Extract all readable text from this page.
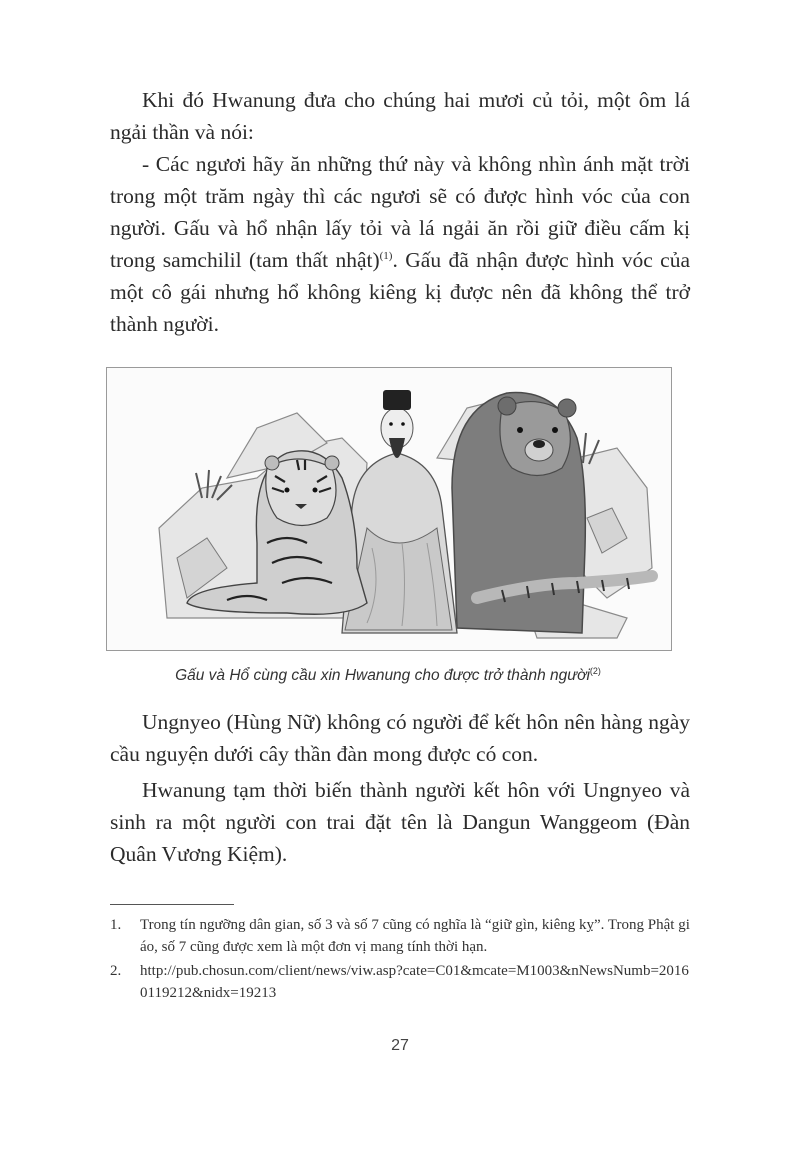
Khi đó Hwanung đưa cho chúng hai mươi củ tỏi, một ôm lá ngải thần và nói:

- Các ngươi hãy ăn những thứ này và không nhìn ánh mặt trời trong một trăm ngày thì các ngươi sẽ có được hình vóc của con người. Gấu và hổ nhận lấy tỏi và lá ngải ăn rồi giữ điều cấm kị trong samchilil (tam thất nhật)$^{(1)}$. Gấu đã nhận được hình vóc của một cô gái nhưng hổ không kiêng kị được nên đã không thể trở thành người.

Gấu và Hổ cùng cầu xin Hwanung cho được trở thành người$^{(2)}$

Ungnyeo (Hùng Nữ) không có người để kết hôn nên hàng ngày cầu nguyện dưới cây thần đàn mong được có con.

Hwanung tạm thời biến thành người kết hôn với Ungnyeo và sinh ra một người con trai đặt tên là Dangun Wanggeom (Đàn Quân Vương Kiệm).

1.	Trong tín ngưỡng dân gian, số 3 và số 7 cũng có nghĩa là “giữ gìn, kiêng kỵ”. Trong Phật giáo, số 7 cũng được xem là một đơn vị mang tính thời hạn.
2.	http://pub.chosun.com/client/news/viw.asp?cate=C01&mcate=M1003&nNewsNumb=20160119212&nidx=19213
27
